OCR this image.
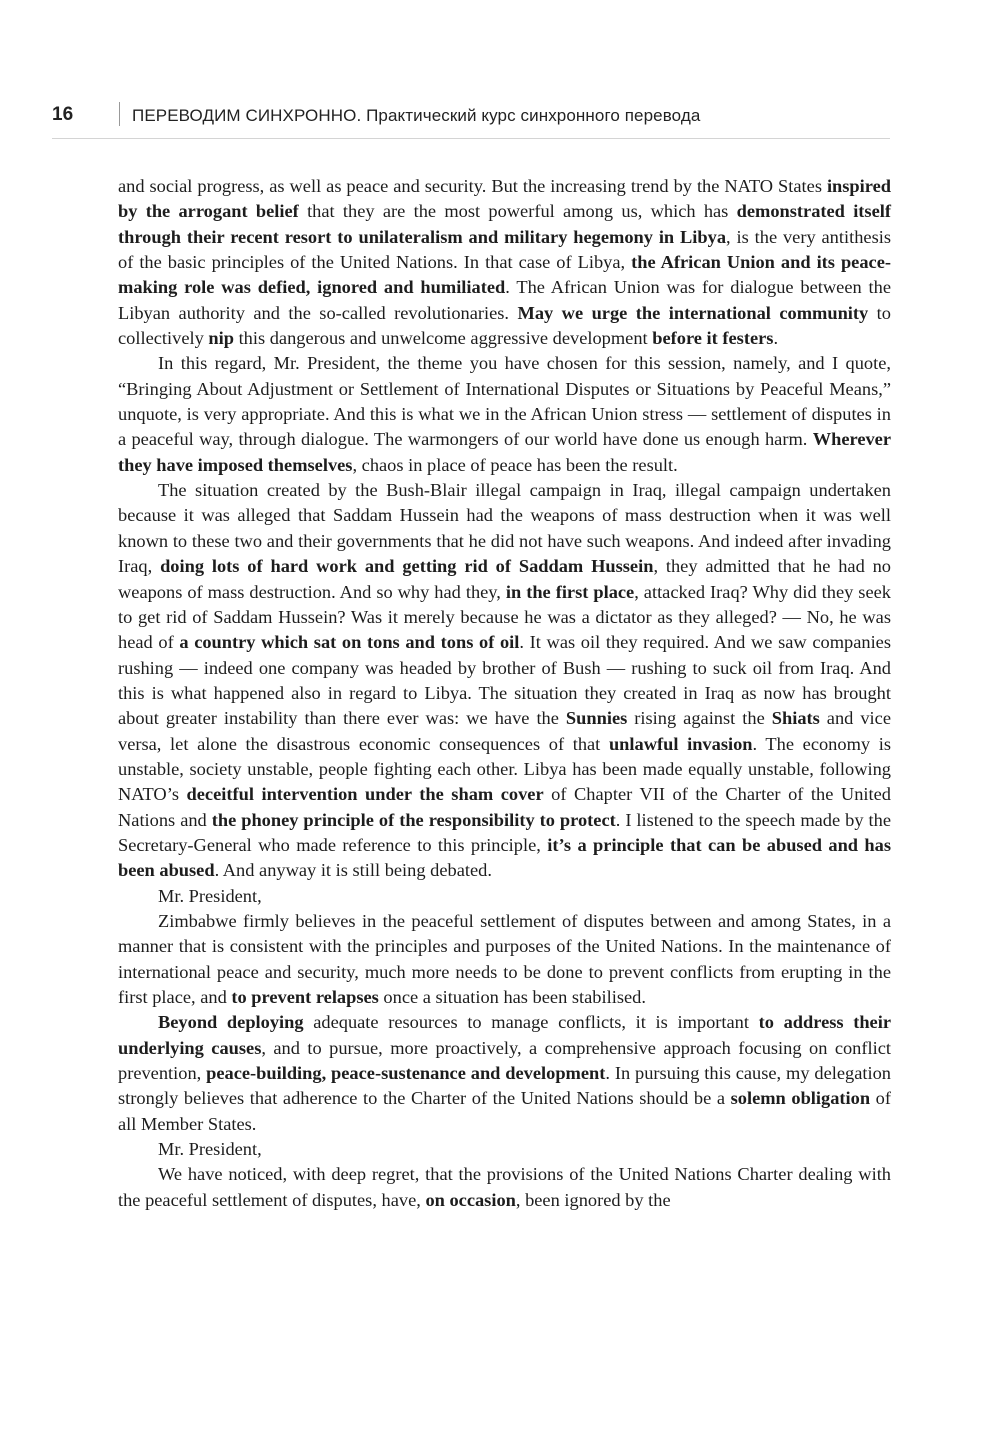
16	ПЕРЕВОДИМ СИНХРОННО. Практический курс синхронного перевода

and social progress, as well as peace and security. But the increasing trend by the NATO States inspired by the arrogant belief that they are the most powerful among us, which has demonstrated itself through their recent resort to unilateralism and military hegemony in Libya, is the very antithesis of the basic principles of the United Nations. In that case of Libya, the African Union and its peace-making role was defied, ignored and humiliated. The African Union was for dialogue between the Libyan authority and the so-called revolutionaries. May we urge the international community to collectively nip this dangerous and unwelcome aggressive development before it festers.

In this regard, Mr. President, the theme you have chosen for this session, namely, and I quote, “Bringing About Adjustment or Settlement of International Disputes or Situations by Peaceful Means,” unquote, is very appropriate. And this is what we in the African Union stress — settlement of disputes in a peaceful way, through dialogue. The warmongers of our world have done us enough harm. Wherever they have imposed themselves, chaos in place of peace has been the result.

The situation created by the Bush-Blair illegal campaign in Iraq, illegal campaign undertaken because it was alleged that Saddam Hussein had the weapons of mass destruction when it was well known to these two and their governments that he did not have such weapons. And indeed after invading Iraq, doing lots of hard work and getting rid of Saddam Hussein, they admitted that he had no weapons of mass destruction. And so why had they, in the first place, attacked Iraq? Why did they seek to get rid of Saddam Hussein? Was it merely because he was a dictator as they alleged? — No, he was head of a country which sat on tons and tons of oil. It was oil they required. And we saw companies rushing — indeed one company was headed by brother of Bush — rushing to suck oil from Iraq. And this is what happened also in regard to Libya. The situation they created in Iraq as now has brought about greater instability than there ever was: we have the Sunnies rising against the Shiats and vice versa, let alone the disastrous economic consequences of that unlawful invasion. The economy is unstable, society unstable, people fighting each other. Libya has been made equally unstable, following NATO’s deceitful intervention under the sham cover of Chapter VII of the Charter of the United Nations and the phoney principle of the responsibility to protect. I listened to the speech made by the Secretary-General who made reference to this principle, it’s a principle that can be abused and has been abused. And anyway it is still being debated.

Mr. President,

Zimbabwe firmly believes in the peaceful settlement of disputes between and among States, in a manner that is consistent with the principles and purposes of the United Nations. In the maintenance of international peace and security, much more needs to be done to prevent conflicts from erupting in the first place, and to prevent relapses once a situation has been stabilised.

Beyond deploying adequate resources to manage conflicts, it is important to address their underlying causes, and to pursue, more proactively, a comprehensive approach focusing on conflict prevention, peace-building, peace-sustenance and development. In pursuing this cause, my delegation strongly believes that adherence to the Charter of the United Nations should be a solemn obligation of all Member States.

Mr. President,

We have noticed, with deep regret, that the provisions of the United Nations Charter dealing with the peaceful settlement of disputes, have, on occasion, been ignored by the
